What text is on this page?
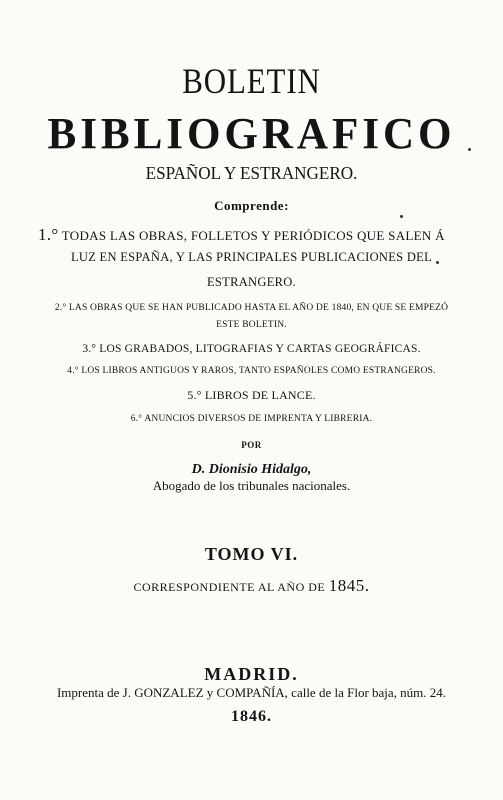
BOLETIN
BIBLIOGRAFICO
ESPAÑOL Y ESTRANGERO.
Comprende:
1.° TODAS LAS OBRAS, FOLLETOS Y PERIÓDICOS QUE SALEN Á
LUZ EN ESPAÑA, Y LAS PRINCIPALES PUBLICACIONES DEL
ESTRANGERO.
2.° LAS OBRAS QUE SE HAN PUBLICADO HASTA EL AÑO DE 1840, EN QUE SE EMPEZÓ
ESTE BOLETIN.
3.° LOS GRABADOS, LITOGRAFIAS Y CARTAS GEOGRÁFICAS.
4.° LOS LIBROS ANTIGUOS Y RAROS, TANTO ESPAÑOLES COMO ESTRANGEROS.
5.° LIBROS DE LANCE.
6.° ANUNCIOS DIVERSOS DE IMPRENTA Y LIBRERIA.
POR
D. Dionisio Hidalgo,
Abogado de los tribunales nacionales.
TOMO VI.
CORRESPONDIENTE AL AÑO DE 1845.
MADRID.
Imprenta de J. GONZALEZ y COMPAÑÍA, calle de la Flor baja, núm. 24.
1846.
